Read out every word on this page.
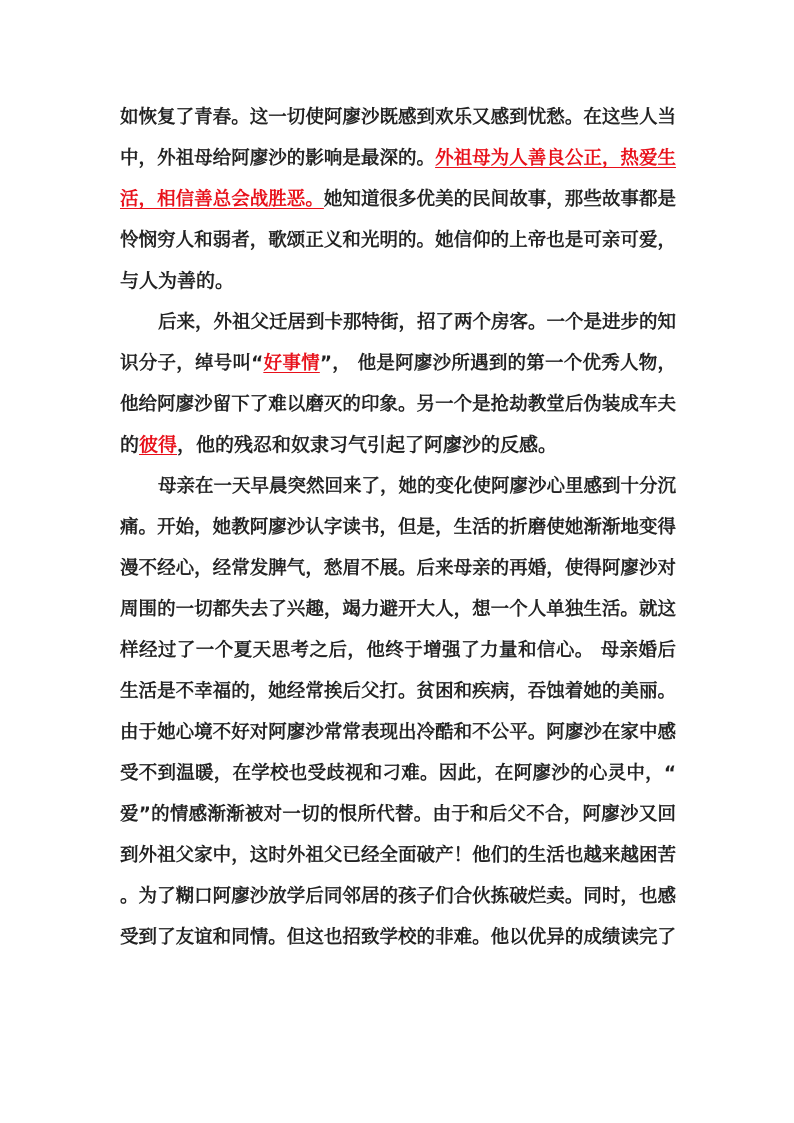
如恢复了青春。这一切使阿廖沙既感到欢乐又感到忧愁。在这些人当
中，外祖母给阿廖沙的影响是最深的。外祖母为人善良公正，热爱生
活，相信善总会战胜恶。她知道很多优美的民间故事，那些故事都是
怜悯穷人和弱者，歌颂正义和光明的。她信仰的上帝也是可亲可爱，
与人为善的。
后来，外祖父迁居到卡那特街，招了两个房客。一个是进步的知
识分子，绰号叫“好事情”， 他是阿廖沙所遇到的第一个优秀人物，
他给阿廖沙留下了难以磨灭的印象。另一个是抢劫教堂后伪装成车夫
的彼得，他的残忍和奴隶习气引起了阿廖沙的反感。
母亲在一天早晨突然回来了，她的变化使阿廖沙心里感到十分沉
痛。开始，她教阿廖沙认字读书，但是，生活的折磨使她渐渐地变得
漫不经心，经常发脾气，愁眉不展。后来母亲的再婚，使得阿廖沙对
周围的一切都失去了兴趣，竭力避开大人，想一个人单独生活。就这
样经过了一个夏天思考之后，他终于增强了力量和信心。 母亲婚后
生活是不幸福的，她经常挨后父打。贫困和疾病，吞蚀着她的美丽。
由于她心境不好对阿廖沙常常表现出冷酷和不公平。阿廖沙在家中感
受不到温暖，在学校也受歧视和刁难。因此，在阿廖沙的心灵中，“
爱”的情感渐渐被对一切的恨所代替。由于和后父不合，阿廖沙又回
到外祖父家中，这时外祖父已经全面破产！他们的生活也越来越困苦
。为了糊口阿廖沙放学后同邻居的孩子们合伙拣破烂卖。同时，也感
受到了友谊和同情。但这也招致学校的非难。他以优异的成绩读完了
